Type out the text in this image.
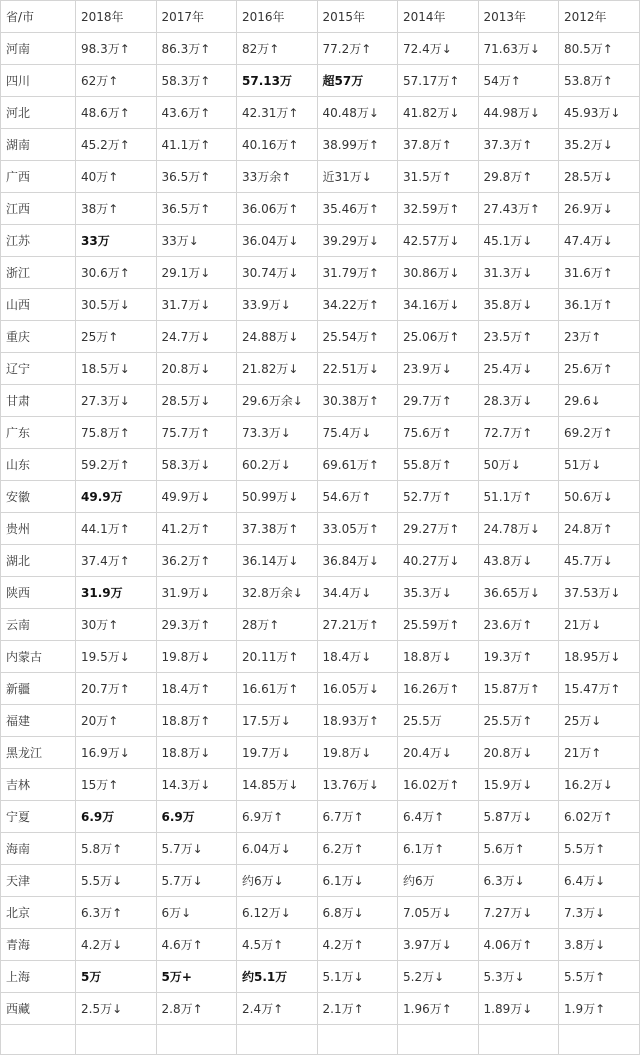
省/市	2018年	2017年	2016年	2015年	2014年	2013年	2012年
河南	98.3万↑	86.3万↑	82万↑	77.2万↑	72.4万↓	71.63万↓	80.5万↑
四川	62万↑	58.3万↑	57.13万	超57万	57.17万↑	54万↑	53.8万↑
河北	48.6万↑	43.6万↑	42.31万↑	40.48万↓	41.82万↓	44.98万↓	45.93万↓
湖南	45.2万↑	41.1万↑	40.16万↑	38.99万↑	37.8万↑	37.3万↑	35.2万↓
广西	40万↑	36.5万↑	33万余↑	近31万↓	31.5万↑	29.8万↑	28.5万↓
江西	38万↑	36.5万↑	36.06万↑	35.46万↑	32.59万↑	27.43万↑	26.9万↓
江苏	33万	33万↓	36.04万↓	39.29万↓	42.57万↓	45.1万↓	47.4万↓
浙江	30.6万↑	29.1万↓	30.74万↓	31.79万↑	30.86万↓	31.3万↓	31.6万↑
山西	30.5万↓	31.7万↓	33.9万↓	34.22万↑	34.16万↓	35.8万↓	36.1万↑
重庆	25万↑	24.7万↓	24.88万↓	25.54万↑	25.06万↑	23.5万↑	23万↑
辽宁	18.5万↓	20.8万↓	21.82万↓	22.51万↓	23.9万↓	25.4万↓	25.6万↑
甘肃	27.3万↓	28.5万↓	29.6万余↓	30.38万↑	29.7万↑	28.3万↓	29.6↓
广东	75.8万↑	75.7万↑	73.3万↓	75.4万↓	75.6万↑	72.7万↑	69.2万↑
山东	59.2万↑	58.3万↓	60.2万↓	69.61万↑	55.8万↑	50万↓	51万↓
安徽	49.9万	49.9万↓	50.99万↓	54.6万↑	52.7万↑	51.1万↑	50.6万↓
贵州	44.1万↑	41.2万↑	37.38万↑	33.05万↑	29.27万↑	24.78万↓	24.8万↑
湖北	37.4万↑	36.2万↑	36.14万↓	36.84万↓	40.27万↓	43.8万↓	45.7万↓
陕西	31.9万	31.9万↓	32.8万余↓	34.4万↓	35.3万↓	36.65万↓	37.53万↓
云南	30万↑	29.3万↑	28万↑	27.21万↑	25.59万↑	23.6万↑	21万↓
内蒙古	19.5万↓	19.8万↓	20.11万↑	18.4万↓	18.8万↓	19.3万↑	18.95万↓
新疆	20.7万↑	18.4万↑	16.61万↑	16.05万↓	16.26万↑	15.87万↑	15.47万↑
福建	20万↑	18.8万↑	17.5万↓	18.93万↑	25.5万	25.5万↑	25万↓
黑龙江	16.9万↓	18.8万↓	19.7万↓	19.8万↓	20.4万↓	20.8万↓	21万↑
吉林	15万↑	14.3万↓	14.85万↓	13.76万↓	16.02万↑	15.9万↓	16.2万↓
宁夏	6.9万	6.9万	6.9万↑	6.7万↑	6.4万↑	5.87万↓	6.02万↑
海南	5.8万↑	5.7万↓	6.04万↓	6.2万↑	6.1万↑	5.6万↑	5.5万↑
天津	5.5万↓	5.7万↓	约6万↓	6.1万↓	约6万	6.3万↓	6.4万↓
北京	6.3万↑	6万↓	6.12万↓	6.8万↓	7.05万↓	7.27万↓	7.3万↓
青海	4.2万↓	4.6万↑	4.5万↑	4.2万↑	3.97万↓	4.06万↑	3.8万↓
上海	5万	5万+	约5.1万	5.1万↓	5.2万↓	5.3万↓	5.5万↑
西藏	2.5万↓	2.8万↑	2.4万↑	2.1万↑	1.96万↑	1.89万↓	1.9万↑
